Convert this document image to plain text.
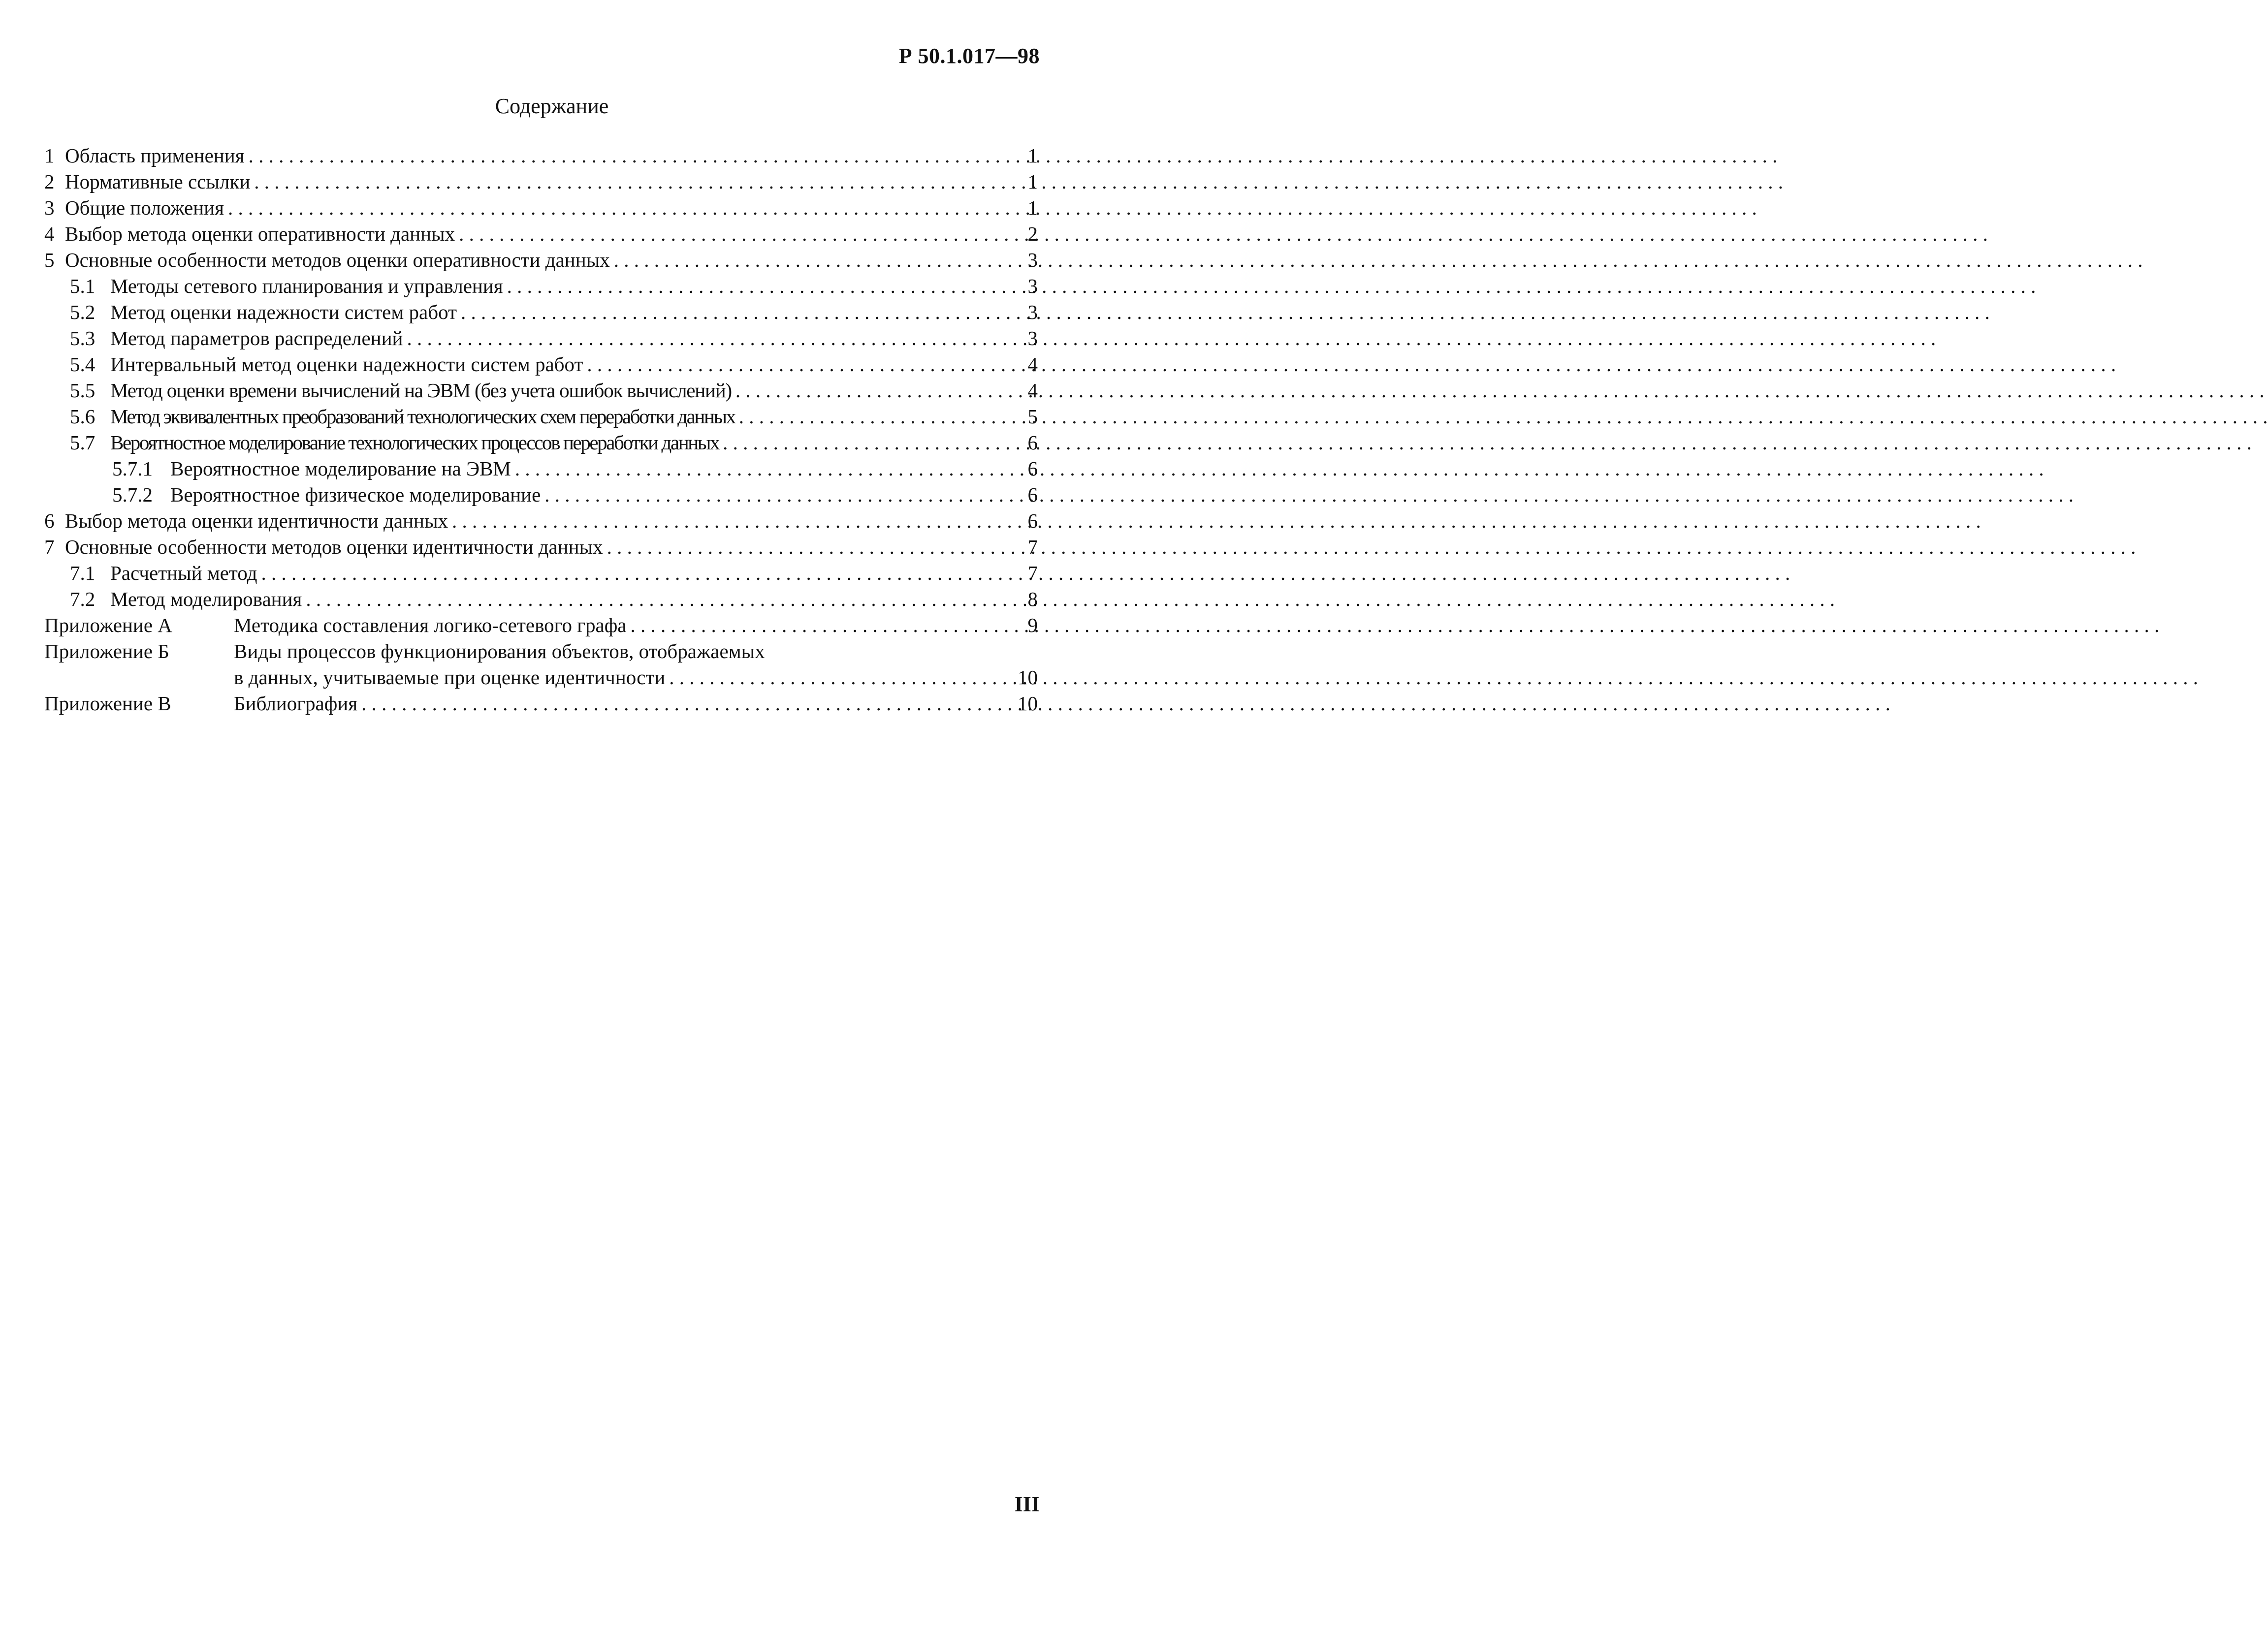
Р 50.1.017—98
Содержание
1 Область применения . . .	1
2 Нормативные ссылки . . .	1
3 Общие положения . . .	1
4 Выбор метода оценки оперативности данных . . .	2
5 Основные особенности методов оценки оперативности данных . . .	3
5.1 Методы сетевого планирования и управления . . .	3
5.2 Метод оценки надежности систем работ . . .	3
5.3 Метод параметров распределений . . .	3
5.4 Интервальный метод оценки надежности систем работ . . .	4
5.5 Метод оценки времени вычислений на ЭВМ (без учета ошибок вычислений) . . .	4
5.6 Метод эквивалентных преобразований технологических схем переработки данных . . .	5
5.7 Вероятностное моделирование технологических процессов переработки данных . . .	6
5.7.1 Вероятностное моделирование на ЭВМ . . .	6
5.7.2 Вероятностное физическое моделирование . . .	6
6 Выбор метода оценки идентичности данных . . .	6
7 Основные особенности методов оценки идентичности данных . . .	7
7.1 Расчетный метод . . .	7
7.2 Метод моделирования . . .	8
Приложение А	Методика составления логико-сетевого графа . . .	9
Приложение Б	Виды процессов функционирования объектов, отображаемых
в данных, учитываемые при оценке идентичности . . .	10
Приложение В	Библиография . . .	10
III
